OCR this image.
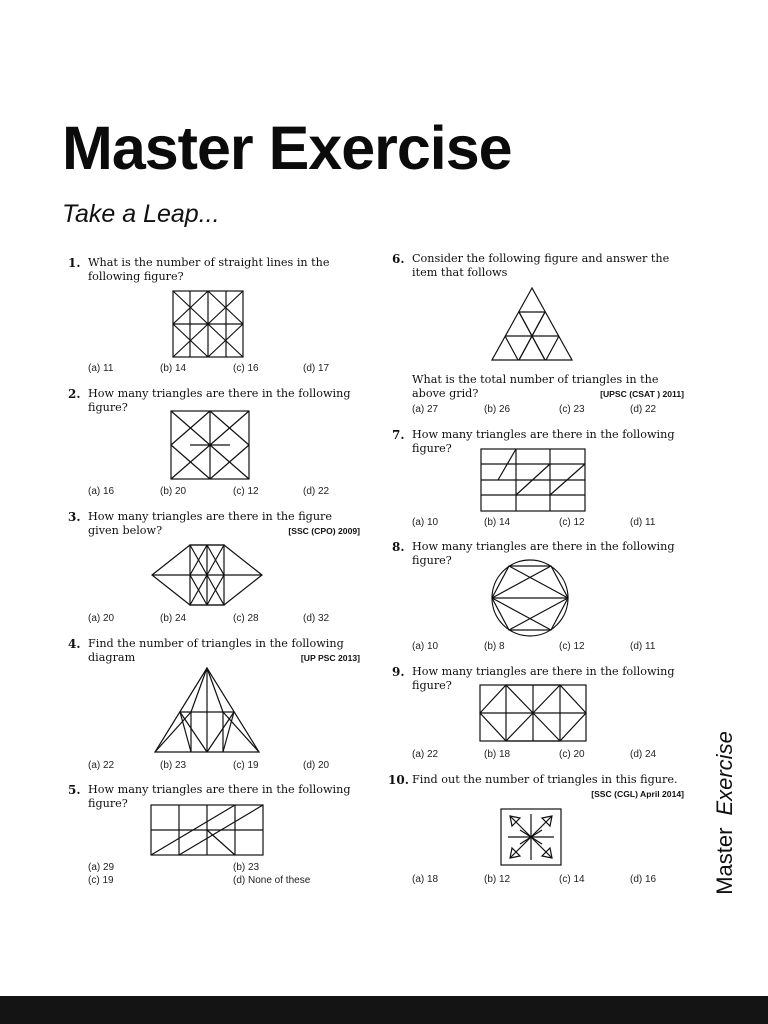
Master Exercise
Take a Leap...
1. What is the number of straight lines in the following figure?
(a) 11	(b) 14	(c) 16	(d) 17
2. How many triangles are there in the following figure?
(a) 16	(b) 20	(c) 12	(d) 22
3. How many triangles are there in the figure given below?	[SSC (CPO) 2009]
(a) 20	(b) 24	(c) 28	(d) 32
4. Find the number of triangles in the following diagram	[UP PSC 2013]
(a) 22	(b) 23	(c) 19	(d) 20
5. How many triangles are there in the following figure?
(a) 29	(b) 23
(c) 19	(d) None of these
6. Consider the following figure and answer the item that follows
What is the total number of triangles in the above grid?	[UPSC (CSAT ) 2011]
(a) 27	(b) 26	(c) 23	(d) 22
7. How many triangles are there in the following figure?
(a) 10	(b) 14	(c) 12	(d) 11
8. How many triangles are there in the following figure?
(a) 10	(b) 8	(c) 12	(d) 11
9. How many triangles are there in the following figure?
(a) 22	(b) 18	(c) 20	(d) 24
10. Find out the number of triangles in this figure.
[SSC (CGL) April 2014]
(a) 18	(b) 12	(c) 14	(d) 16	MasterExercise
